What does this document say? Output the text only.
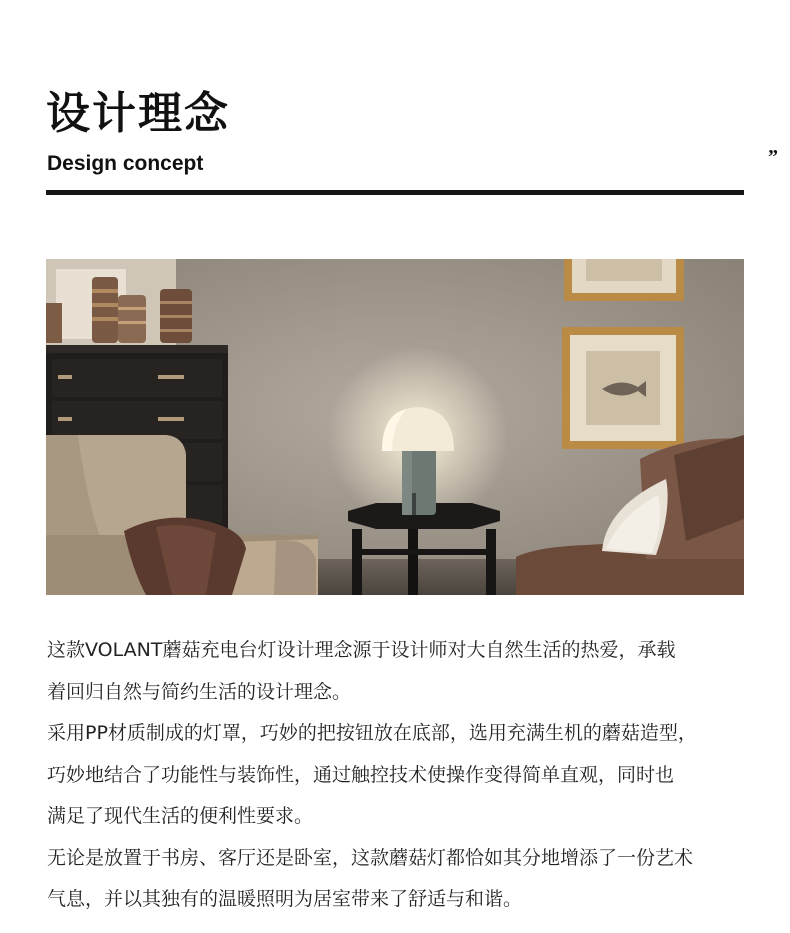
设计理念
Design concept	”

这款VOLANT蘑菇充电台灯设计理念源于设计师对大自然生活的热爱，承载
着回归自然与简约生活的设计理念。

采用PP材质制成的灯罩，巧妙的把按钮放在底部，选用充满生机的蘑菇造型，
巧妙地结合了功能性与装饰性，通过触控技术使操作变得简单直观，同时也
满足了现代生活的便利性要求。

无论是放置于书房、客厅还是卧室，这款蘑菇灯都恰如其分地增添了一份艺术
气息，并以其独有的温暖照明为居室带来了舒适与和谐。
